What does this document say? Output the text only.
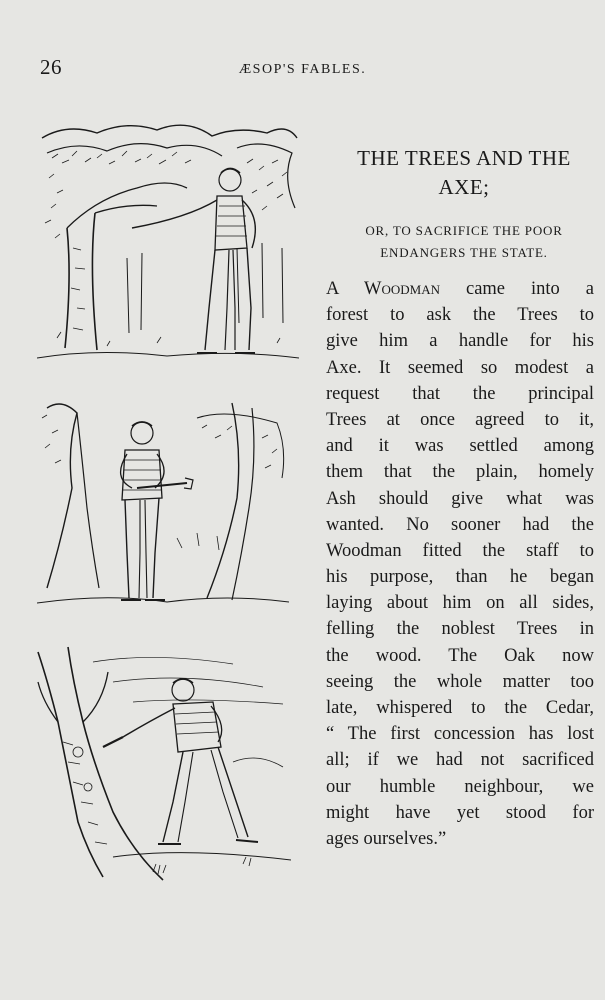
26	ÆSOP'S FABLES.
THE TREES AND THE
AXE;
OR, TO SACRIFICE THE POOR
ENDANGERS THE STATE.
A Woodman came into a
forest to ask the Trees to
give him a handle for his
Axe. It seemed so modest a
request that the principal
Trees at once agreed to it,
and it was settled among
them that the plain, homely
Ash should give what was
wanted. No sooner had the
Woodman fitted the staff to
his purpose, than he began
laying about him on all sides,
felling the noblest Trees in
the wood. The Oak now
seeing the whole matter too
late, whispered to the Cedar,
“ The first concession has lost
all; if we had not sacrificed
our humble neighbour, we
might have yet stood for
ages ourselves.”
